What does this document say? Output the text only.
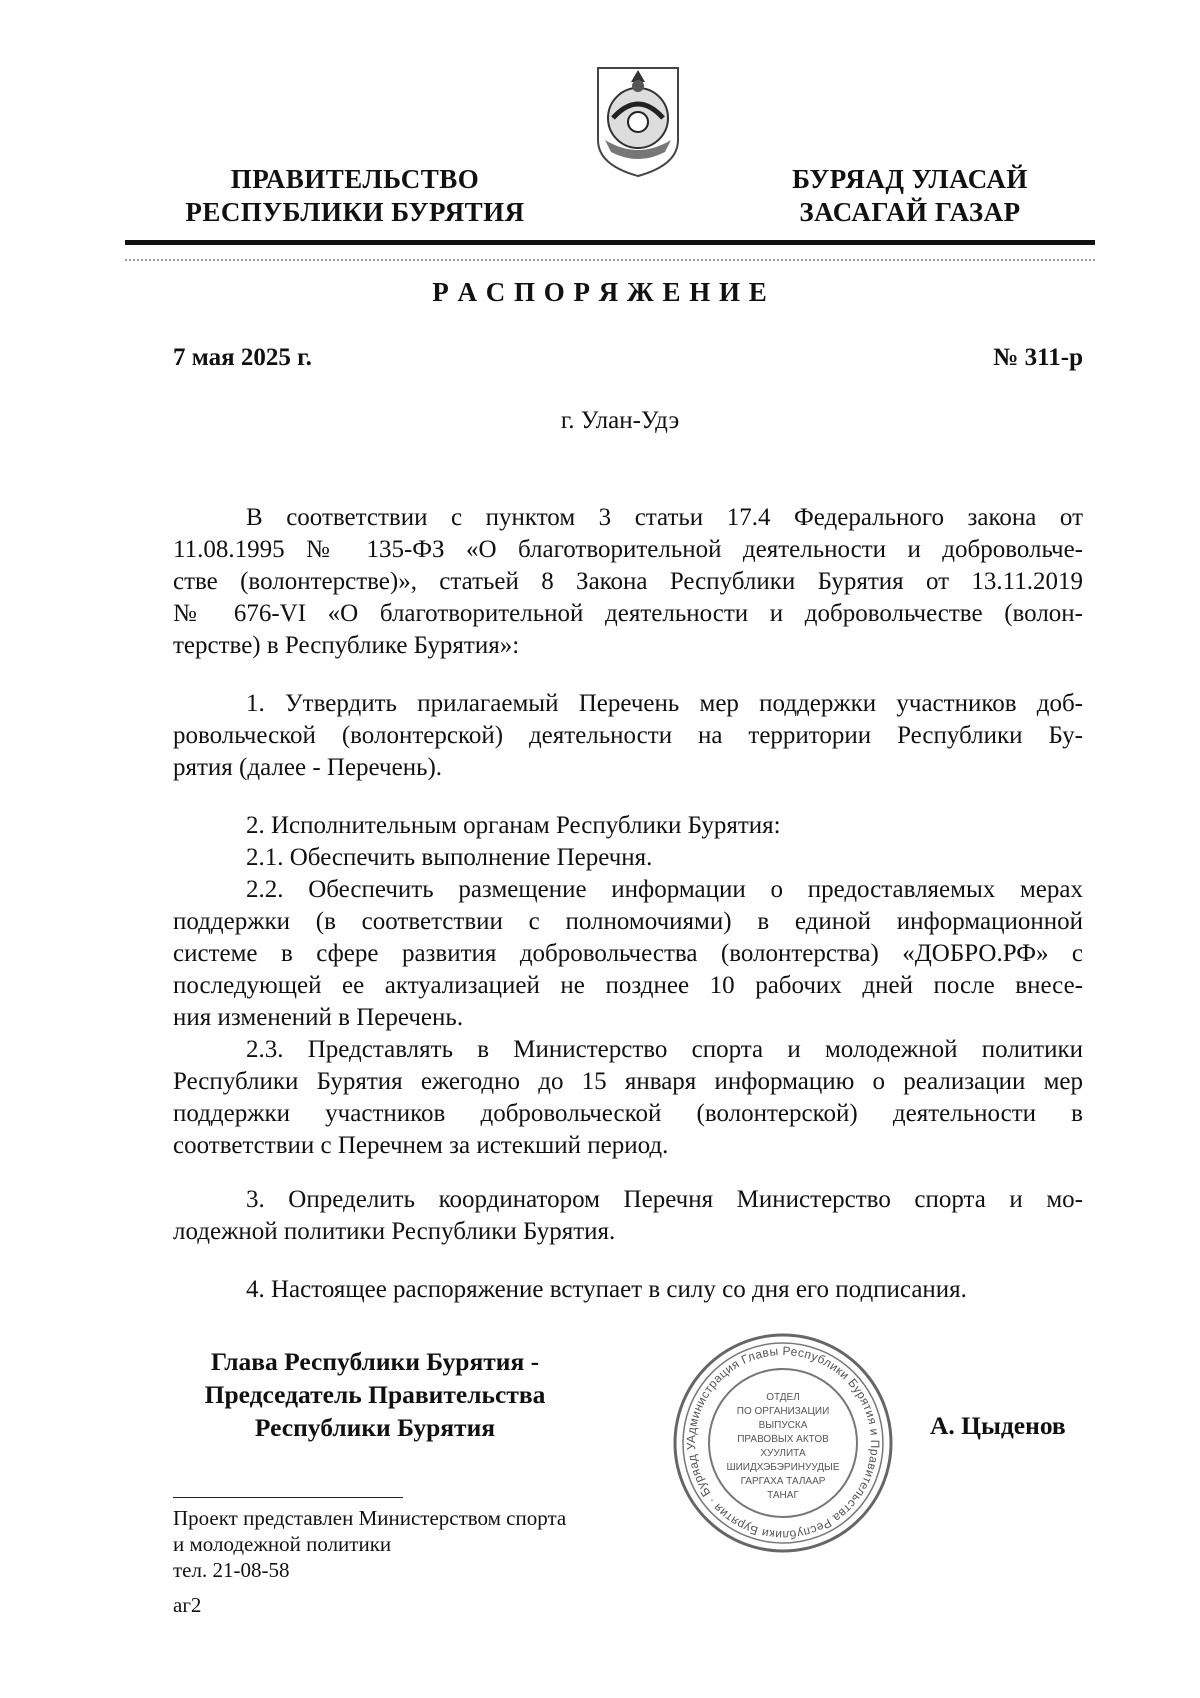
ПРАВИТЕЛЬСТВО
РЕСПУБЛИКИ БУРЯТИЯ
БУРЯАД УЛАСАЙ
ЗАСАГАЙ ГАЗАР
Р А С П О Р Я Ж Е Н И Е
7 мая 2025 г.	№ 311-р
г. Улан-Удэ
В соответствии с пунктом 3 статьи 17.4 Федерального закона от
11.08.1995 № 135-ФЗ «О благотворительной деятельности и добровольче-
стве (волонтерстве)», статьей 8 Закона Республики Бурятия от 13.11.2019
№ 676-VI «О благотворительной деятельности и добровольчестве (волон-
терстве) в Республике Бурятия»:
1. Утвердить прилагаемый Перечень мер поддержки участников доб-
ровольческой (волонтерской) деятельности на территории Республики Бу-
рятия (далее - Перечень).
2. Исполнительным органам Республики Бурятия:
2.1. Обеспечить выполнение Перечня.
2.2. Обеспечить размещение информации о предоставляемых мерах
поддержки (в соответствии с полномочиями) в единой информационной
системе в сфере развития добровольчества (волонтерства) «ДОБРО.РФ» с
последующей ее актуализацией не позднее 10 рабочих дней после внесе-
ния изменений в Перечень.
2.3. Представлять в Министерство спорта и молодежной политики
Республики Бурятия ежегодно до 15 января информацию о реализации мер
поддержки участников добровольческой (волонтерской) деятельности в
соответствии с Перечнем за истекший период.
3. Определить координатором Перечня Министерство спорта и мо-
лодежной политики Республики Бурятия.
4. Настоящее распоряжение вступает в силу со дня его подписания.
Глава Республики Бурятия -
Председатель Правительства
Республики Бурятия	А. Цыденов
Администрация Главы Республики Бурятия и Правительства Республики Бурятия · Буряад У
ОТДЕЛ
ПО ОРГАНИЗАЦИИ
ВЫПУСКА
ПРАВОВЫХ АКТОВ
ХУУЛИТА
ШИИДХЭБЭРИНУУДЫЕ
ГАРГАХА ТАЛААР
ТАНАГ
Проект представлен Министерством спорта
и молодежной политики
тел. 21-08-58
аг2
